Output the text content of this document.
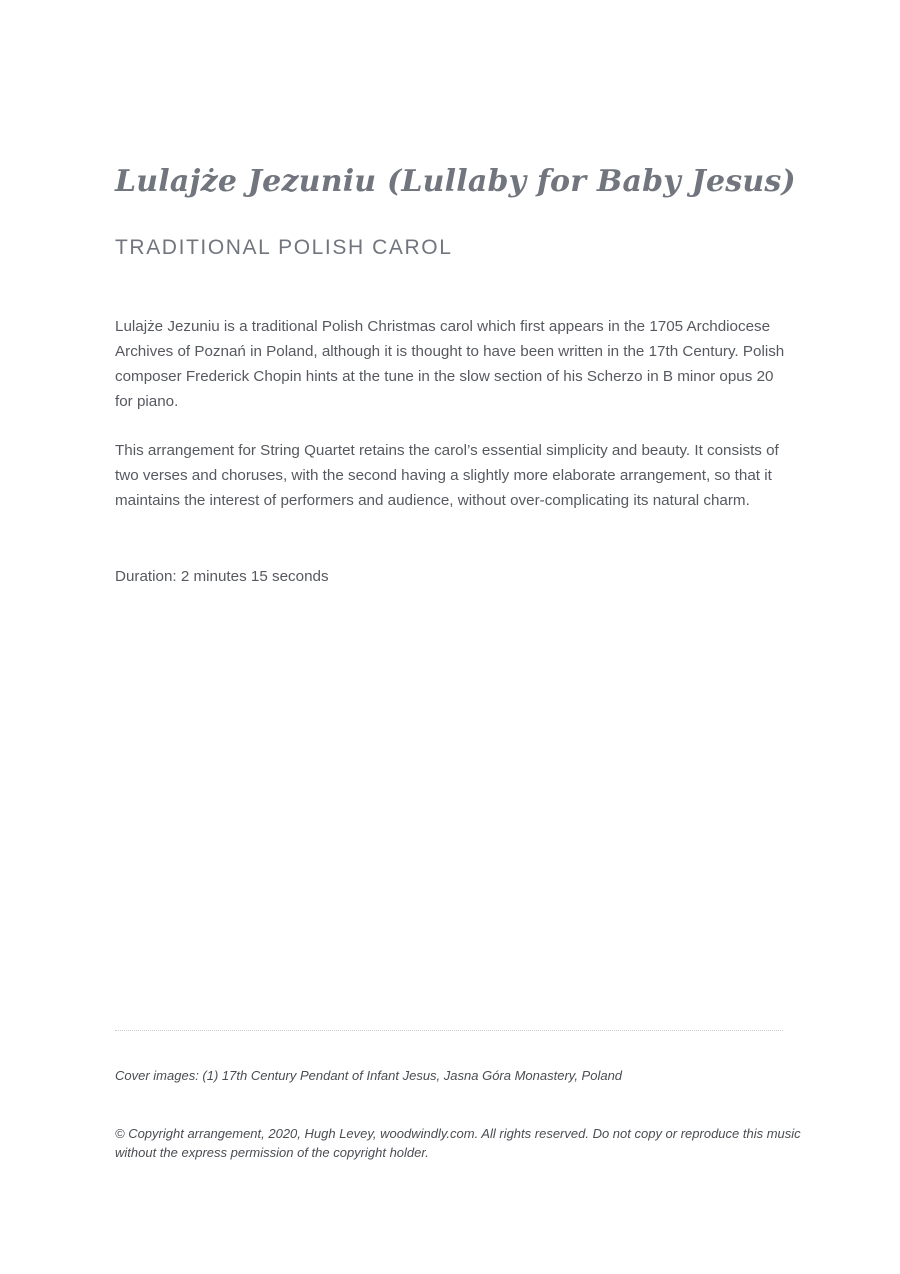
Lulajże Jezuniu (Lullaby for Baby Jesus)
TRADITIONAL POLISH CAROL

Lulajże Jezuniu is a traditional Polish Christmas carol which first appears in the 1705 Archdiocese Archives of Poznań in Poland, although it is thought to have been written in the 17th Century. Polish composer Frederick Chopin hints at the tune in the slow section of his Scherzo in B minor opus 20 for piano.

This arrangement for String Quartet retains the carol’s essential simplicity and beauty. It consists of two verses and choruses, with the second having a slightly more elaborate arrangement, so that it maintains the interest of performers and audience, without over-complicating its natural charm.

Duration: 2 minutes 15 seconds

Cover images: (1) 17th Century Pendant of Infant Jesus, Jasna Góra Monastery, Poland

© Copyright arrangement, 2020, Hugh Levey, woodwindly.com. All rights reserved. Do not copy or reproduce this music without the express permission of the copyright holder.
